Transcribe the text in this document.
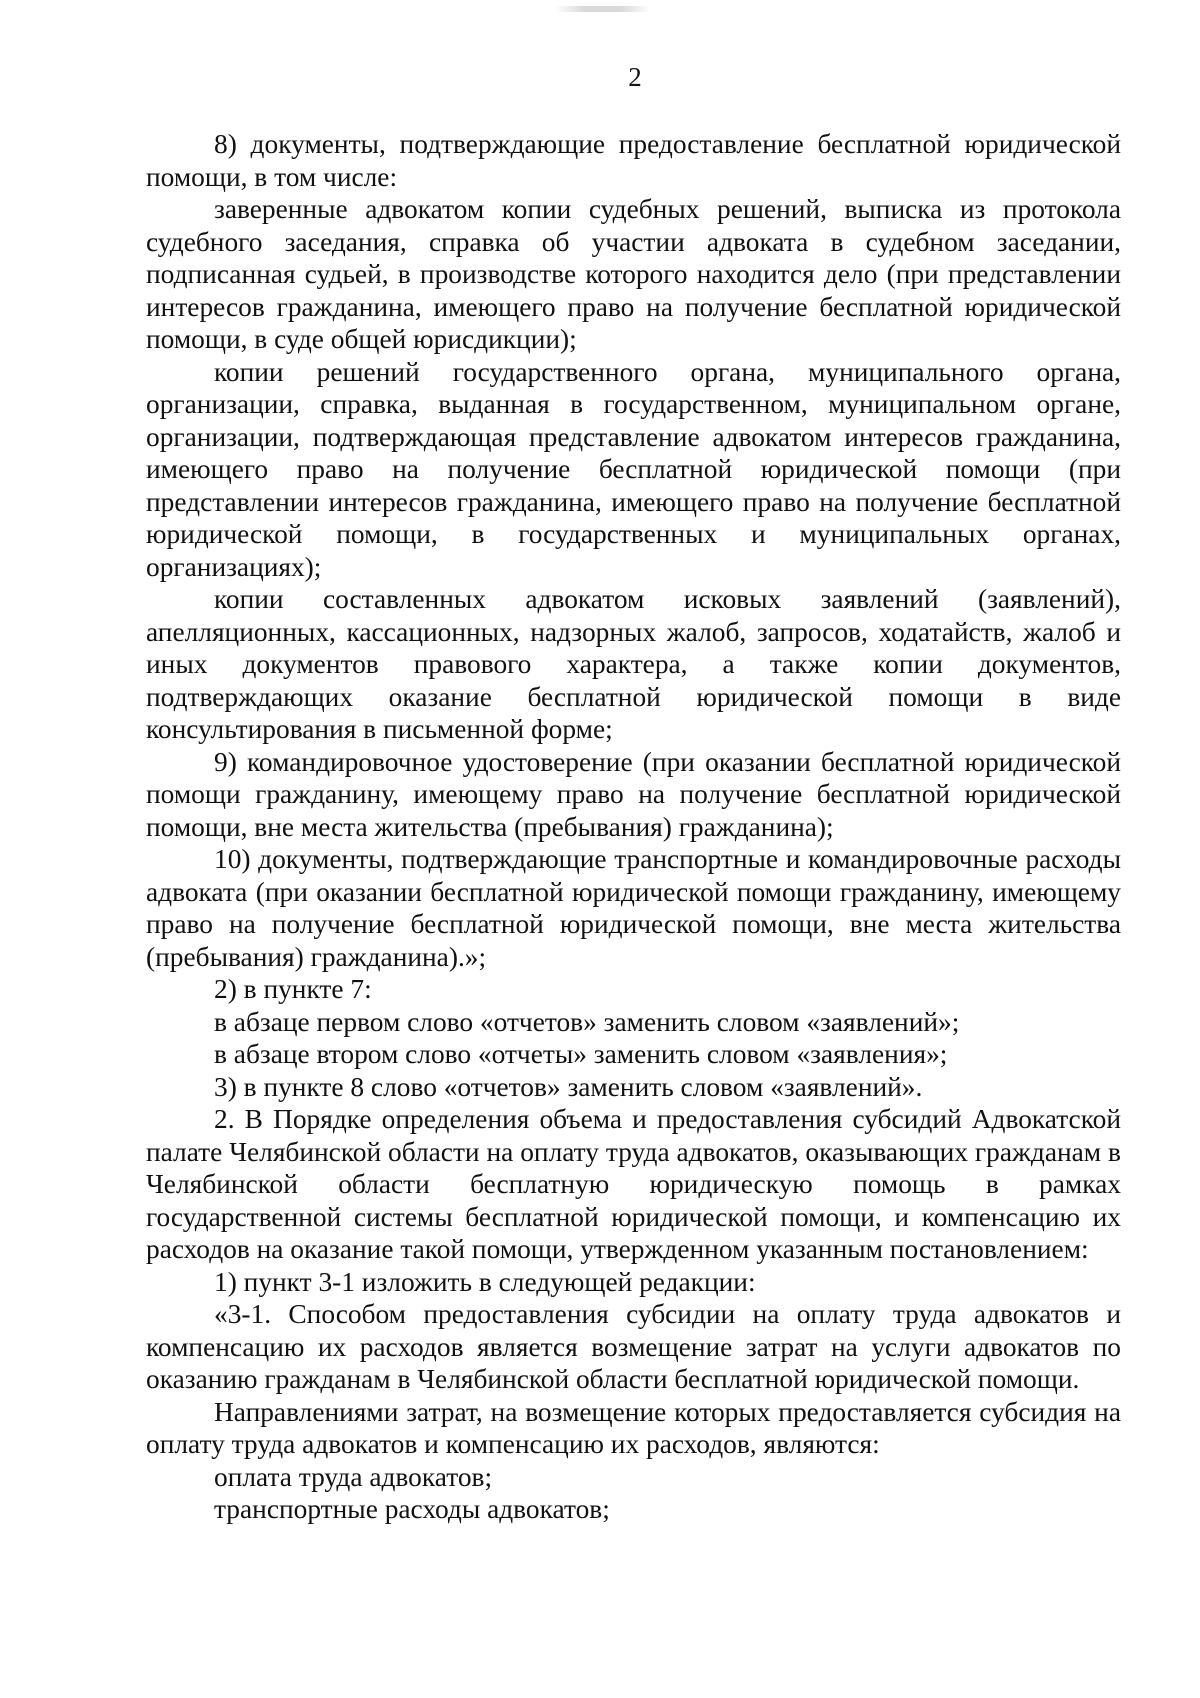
2

8) документы, подтверждающие предоставление бесплатной юридической помощи, в том числе:

заверенные адвокатом копии судебных решений, выписка из протокола судебного заседания, справка об участии адвоката в судебном заседании, подписанная судьей, в производстве которого находится дело (при представлении интересов гражданина, имеющего право на получение бесплатной юридической помощи, в суде общей юрисдикции);

копии решений государственного органа, муниципального органа, организации, справка, выданная в государственном, муниципальном органе, организации, подтверждающая представление адвокатом интересов гражданина, имеющего право на получение бесплатной юридической помощи (при представлении интересов гражданина, имеющего право на получение бесплатной юридической помощи, в государственных и муниципальных органах, организациях);

копии составленных адвокатом исковых заявлений (заявлений), апелляционных, кассационных, надзорных жалоб, запросов, ходатайств, жалоб и иных документов правового характера, а также копии документов, подтверждающих оказание бесплатной юридической помощи в виде консультирования в письменной форме;

9) командировочное удостоверение (при оказании бесплатной юридической помощи гражданину, имеющему право на получение бесплатной юридической помощи, вне места жительства (пребывания) гражданина);

10) документы, подтверждающие транспортные и командировочные расходы адвоката (при оказании бесплатной юридической помощи гражданину, имеющему право на получение бесплатной юридической помощи, вне места жительства (пребывания) гражданина).»;

2) в пункте 7:

в абзаце первом слово «отчетов» заменить словом «заявлений»;

в абзаце втором слово «отчеты» заменить словом «заявления»;

3) в пункте 8 слово «отчетов» заменить словом «заявлений».

2. В Порядке определения объема и предоставления субсидий Адвокатской палате Челябинской области на оплату труда адвокатов, оказывающих гражданам в Челябинской области бесплатную юридическую помощь в рамках государственной системы бесплатной юридической помощи, и компенсацию их расходов на оказание такой помощи, утвержденном указанным постановлением:

1) пункт 3-1 изложить в следующей редакции:

«3-1. Способом предоставления субсидии на оплату труда адвокатов и компенсацию их расходов является возмещение затрат на услуги адвокатов по оказанию гражданам в Челябинской области бесплатной юридической помощи.

Направлениями затрат, на возмещение которых предоставляется субсидия на оплату труда адвокатов и компенсацию их расходов, являются:

оплата труда адвокатов;

транспортные расходы адвокатов;
